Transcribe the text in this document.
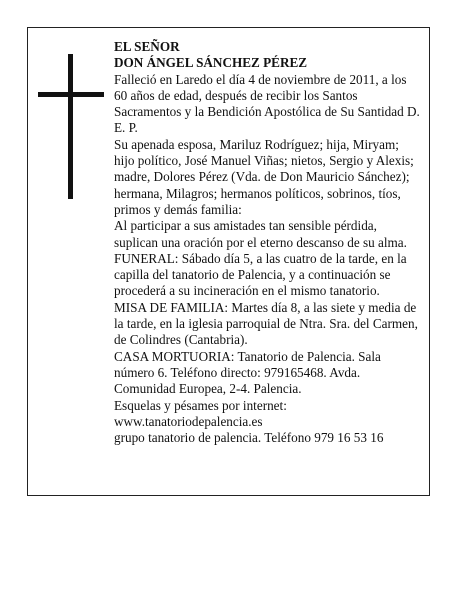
EL SEÑOR

DON ÁNGEL SÁNCHEZ PÉREZ

Falleció en Laredo el día 4 de noviembre de 2011, a los 60 años de edad, después de recibir los Santos Sacramentos y la Bendición Apostólica de Su Santidad D. E. P.

Su apenada esposa, Mariluz Rodríguez; hija, Miryam; hijo político, José Manuel Viñas; nietos, Sergio y Alexis; madre, Dolores Pérez (Vda. de Don Mauricio Sánchez); hermana, Milagros; hermanos políticos, sobrinos, tíos, primos y demás familia:

Al participar a sus amistades tan sensible pérdida, suplican una oración por el eterno descanso de su alma.

FUNERAL: Sábado día 5, a las cuatro de la tarde, en la capilla del tanatorio de Palencia, y a continuación se procederá a su incineración en el mismo tanatorio.

MISA DE FAMILIA: Martes día 8, a las siete y media de la tarde, en la iglesia parroquial de Ntra. Sra. del Carmen, de Colindres (Cantabria).

CASA MORTUORIA: Tanatorio de Palencia. Sala número 6. Teléfono directo: 979165468. Avda. Comunidad Europea, 2-4. Palencia.

Esquelas y pésames por internet:

www.tanatoriodepalencia.es

grupo tanatorio de palencia. Teléfono 979 16 53 16
